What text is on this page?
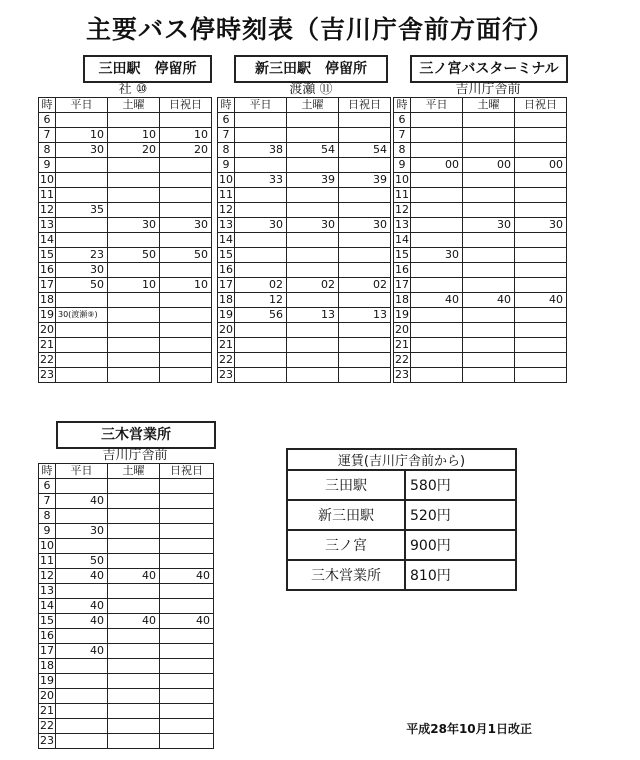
主要バス停時刻表（吉川庁舎前方面行）
三田駅　停留所
社 ⑩
時	平日	土曜	日祝日
6			
7	10	10	10
8	30	20	20
9			
10			
11			
12	35		
13		30	30
14			
15	23	50	50
16	30		
17	50	10	10
18			
19	30(渡瀬⑨)		
20			
21			
22			
23			
新三田駅　停留所
渡瀬 ⑪
時	平日	土曜	日祝日
6			
7			
8	38	54	54
9			
10	33	39	39
11			
12			
13	30	30	30
14			
15			
16			
17	02	02	02
18	12		
19	56	13	13
20			
21			
22			
23			
三ノ宮バスターミナル
吉川庁舎前
時	平日	土曜	日祝日
6			
7			
8			
9	00	00	00
10			
11			
12			
13		30	30
14			
15	30		
16			
17			
18	40	40	40
19			
20			
21			
22			
23			
三木営業所
吉川庁舎前
時	平日	土曜	日祝日
6			
7	40		
8			
9	30		
10			
11	50		
12	40	40	40
13			
14	40		
15	40	40	40
16			
17	40		
18			
19			
20			
21			
22			
23			
運賃(吉川庁舎前から)	
三田駅	580円
新三田駅	520円
三ノ宮	900円
三木営業所	810円
平成28年10月1日改正
